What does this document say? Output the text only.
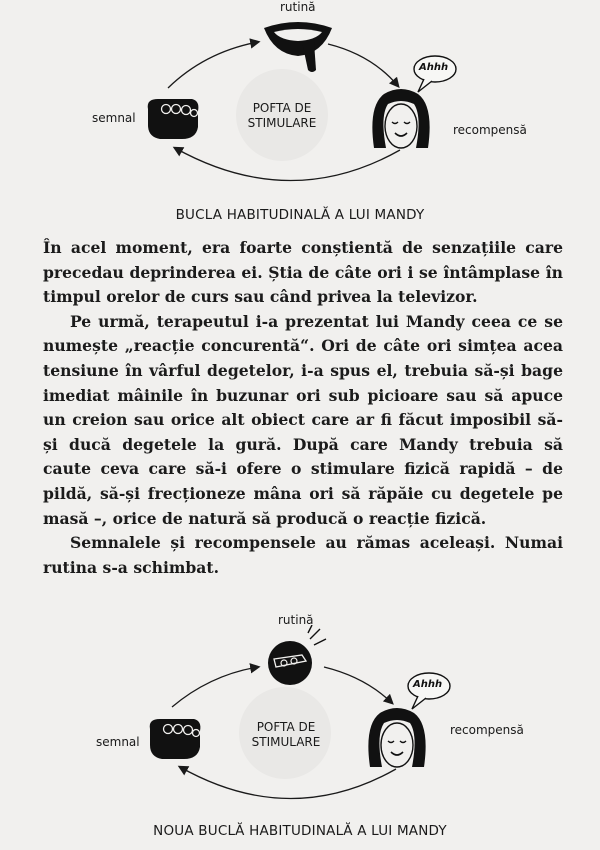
Ahhh
rutină
semnal
recompensă
POFTA DE
STIMULARE
BUCLA HABITUDINALĂ A LUI MANDY

În acel moment, era foarte conștientă de senzațiile care precedau deprinderea ei. Știa de câte ori i se întâmplase în timpul orelor de curs sau când privea la televizor.

Pe urmă, terapeutul i-a prezentat lui Mandy ceea ce se numește „reacție concurentă“. Ori de câte ori simțea acea tensiune în vârful degetelor, i-a spus el, trebuia să-și bage imediat mâinile în buzunar ori sub picioare sau să apuce un creion sau orice alt obiect care ar fi făcut imposibil să-și ducă degetele la gură. După care Mandy trebuia să caute ceva care să-i ofere o stimulare fizică rapidă – de pildă, să-și frecționeze mâna ori să răpăie cu degetele pe masă –, orice de natură să producă o reacție fizică.

Semnalele și recompensele au rămas aceleași. Numai rutina s-a schimbat.

Ahhh
rutină
semnal
recompensă
POFTA DE
STIMULARE
NOUA BUCLĂ HABITUDINALĂ A LUI MANDY
